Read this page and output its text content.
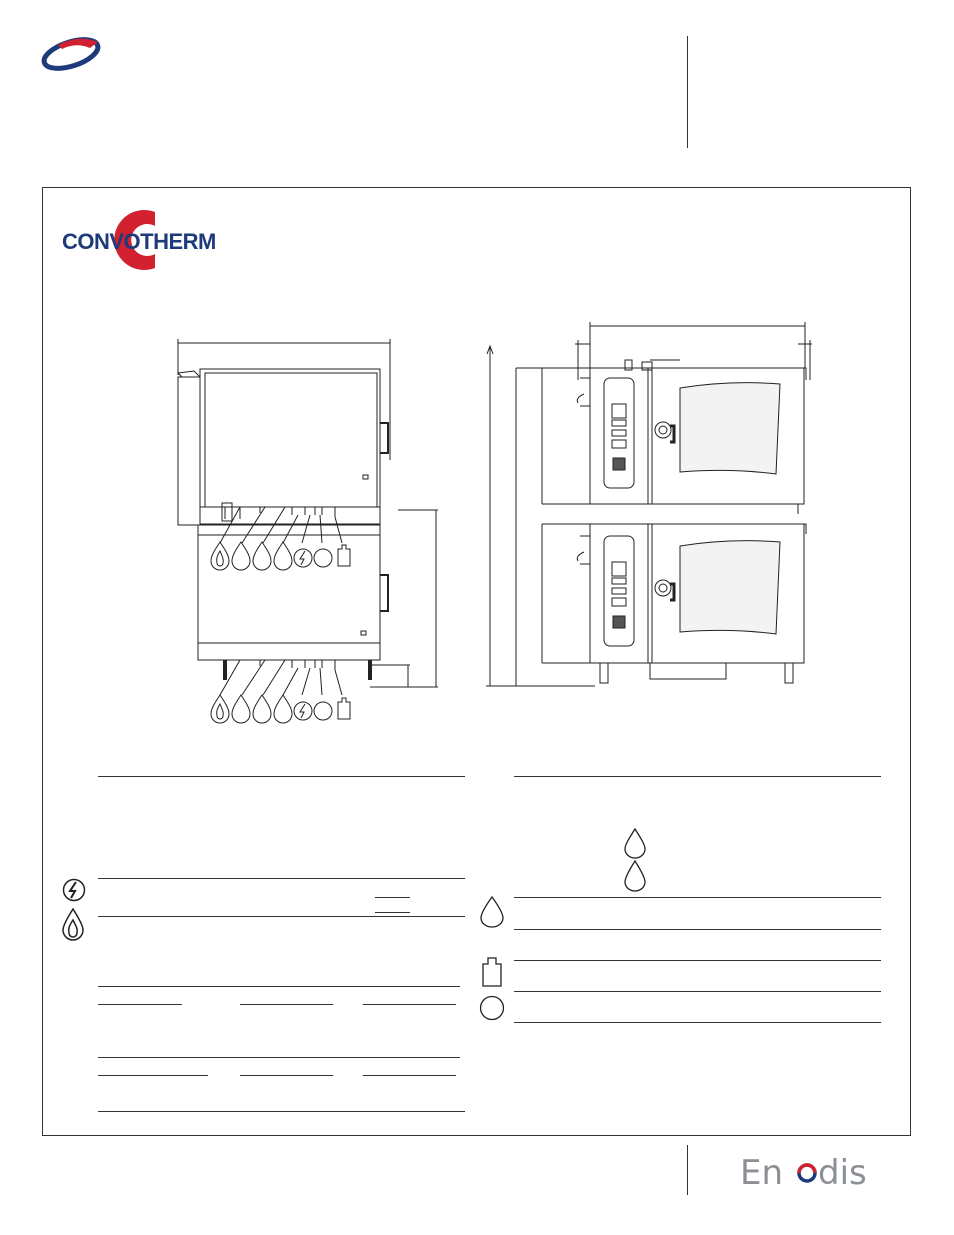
CONVOTHERM
En dis
